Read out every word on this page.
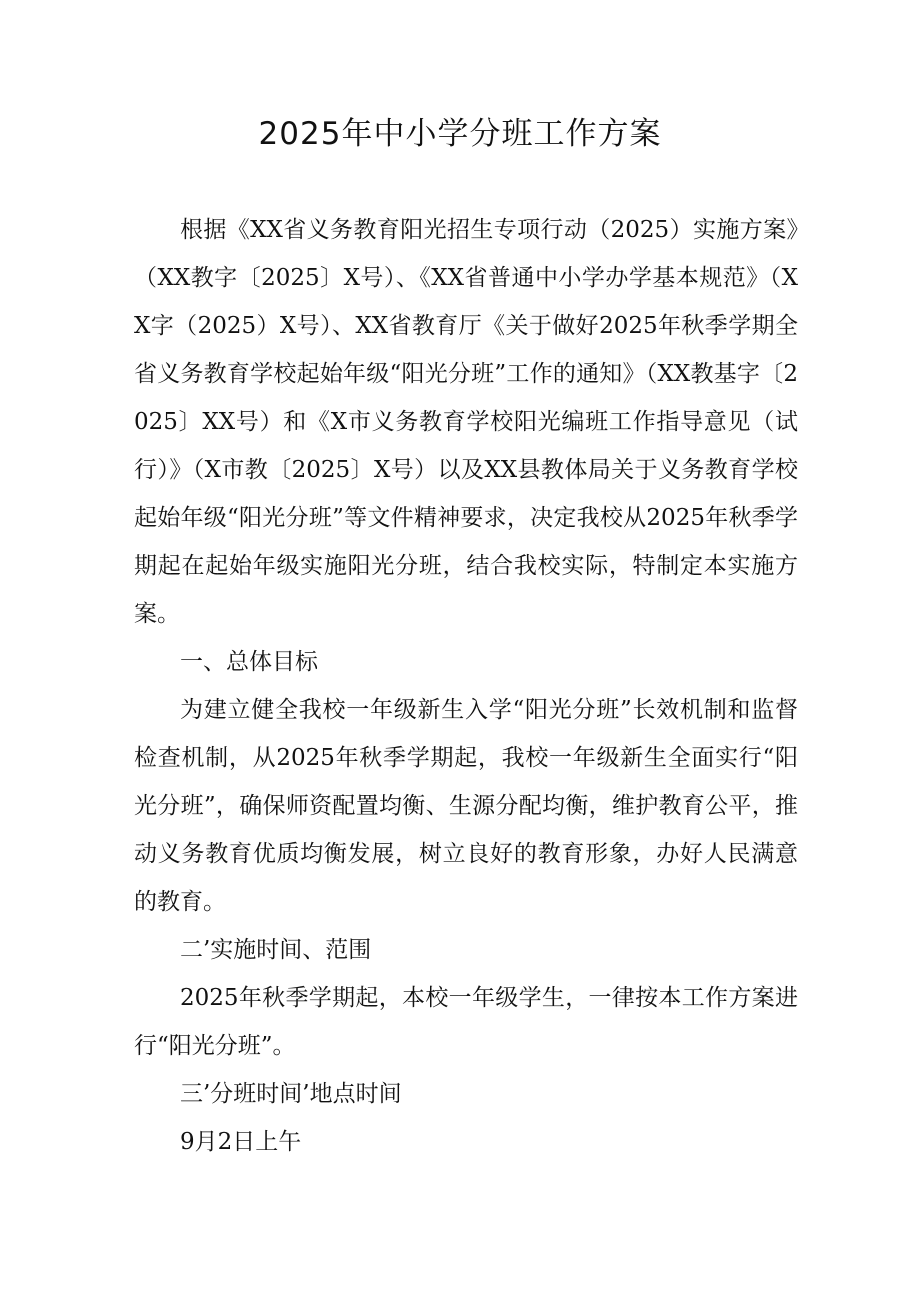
2025年中小学分班工作方案

根据《XX省义务教育阳光招生专项行动（2025）实施方案》（XX教字〔2025〕X号）、《XX省普通中小学办学基本规范》（XX字（2025）X号）、XX省教育厅《关于做好2025年秋季学期全省义务教育学校起始年级“阳光分班”工作的通知》（XX教基字〔2025〕XX号）和《X市义务教育学校阳光编班工作指导意见（试行）》（X市教〔2025〕X号）以及XX县教体局关于义务教育学校起始年级“阳光分班”等文件精神要求，决定我校从2025年秋季学期起在起始年级实施阳光分班，结合我校实际，特制定本实施方案。

一、总体目标

为建立健全我校一年级新生入学“阳光分班”长效机制和监督检查机制，从2025年秋季学期起，我校一年级新生全面实行“阳光分班”，确保师资配置均衡、生源分配均衡，维护教育公平，推动义务教育优质均衡发展，树立良好的教育形象，办好人民满意的教育。

二’实施时间、范围

2025年秋季学期起，本校一年级学生，一律按本工作方案进行“阳光分班”。

三’分班时间’地点时间

9月2日上午
